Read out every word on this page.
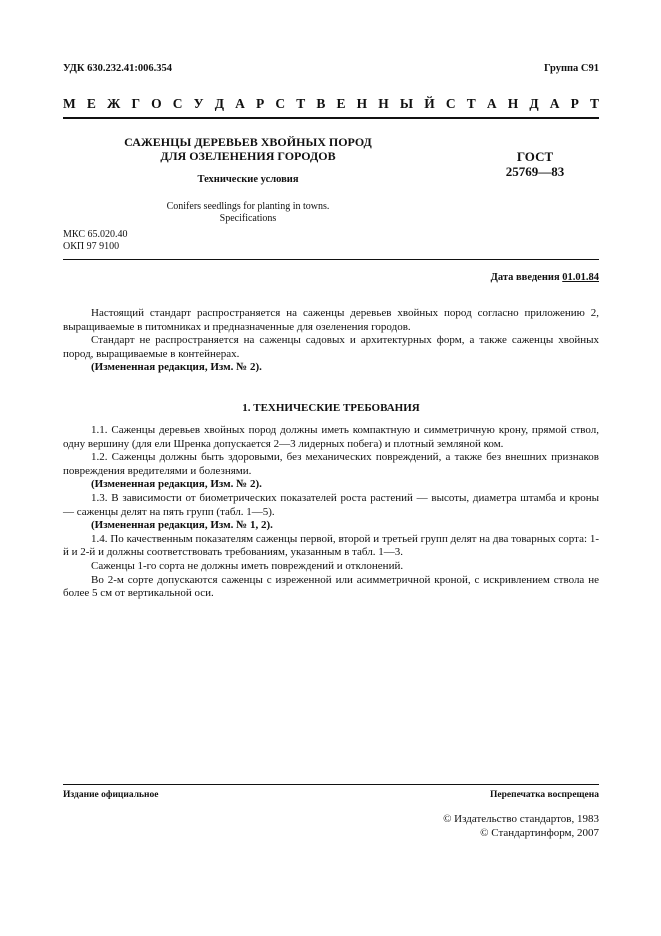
УДК 630.232.41:006.354	Группа С91
М Е Ж Г О С У Д А Р С Т В Е Н Н Ы Й С Т А Н Д А Р Т
САЖЕНЦЫ ДЕРЕВЬЕВ ХВОЙНЫХ ПОРОД
ДЛЯ ОЗЕЛЕНЕНИЯ ГОРОДОВ
Технические условия
Conifers seedlings for planting in towns.
Specifications
ГОСТ
25769—83
МКС 65.020.40
ОКП 97 9100
Дата введения 01.01.84

Настоящий стандарт распространяется на саженцы деревьев хвойных пород согласно приложению 2, выращиваемые в питомниках и предназначенные для озеленения городов.

Стандарт не распространяется на саженцы садовых и архитектурных форм, а также саженцы хвойных пород, выращиваемые в контейнерах.

(Измененная редакция, Изм. № 2).

1. ТЕХНИЧЕСКИЕ ТРЕБОВАНИЯ

1.1. Саженцы деревьев хвойных пород должны иметь компактную и симметричную крону, прямой ствол, одну вершину (для ели Шренка допускается 2—3 лидерных побега) и плотный земляной ком.

1.2. Саженцы должны быть здоровыми, без механических повреждений, а также без внешних признаков повреждения вредителями и болезнями.

(Измененная редакция, Изм. № 2).

1.3. В зависимости от биометрических показателей роста растений — высоты, диаметра штамба и кроны — саженцы делят на пять групп (табл. 1—5).

(Измененная редакция, Изм. № 1, 2).

1.4. По качественным показателям саженцы первой, второй и третьей групп делят на два товарных сорта: 1-й и 2-й и должны соответствовать требованиям, указанным в табл. 1—3.

Саженцы 1-го сорта не должны иметь повреждений и отклонений.

Во 2-м сорте допускаются саженцы с изреженной или асимметричной кроной, с искривлением ствола не более 5 см от вертикальной оси.

Издание официальное	Перепечатка воспрещена
© Издательство стандартов, 1983
© Стандартинформ, 2007
